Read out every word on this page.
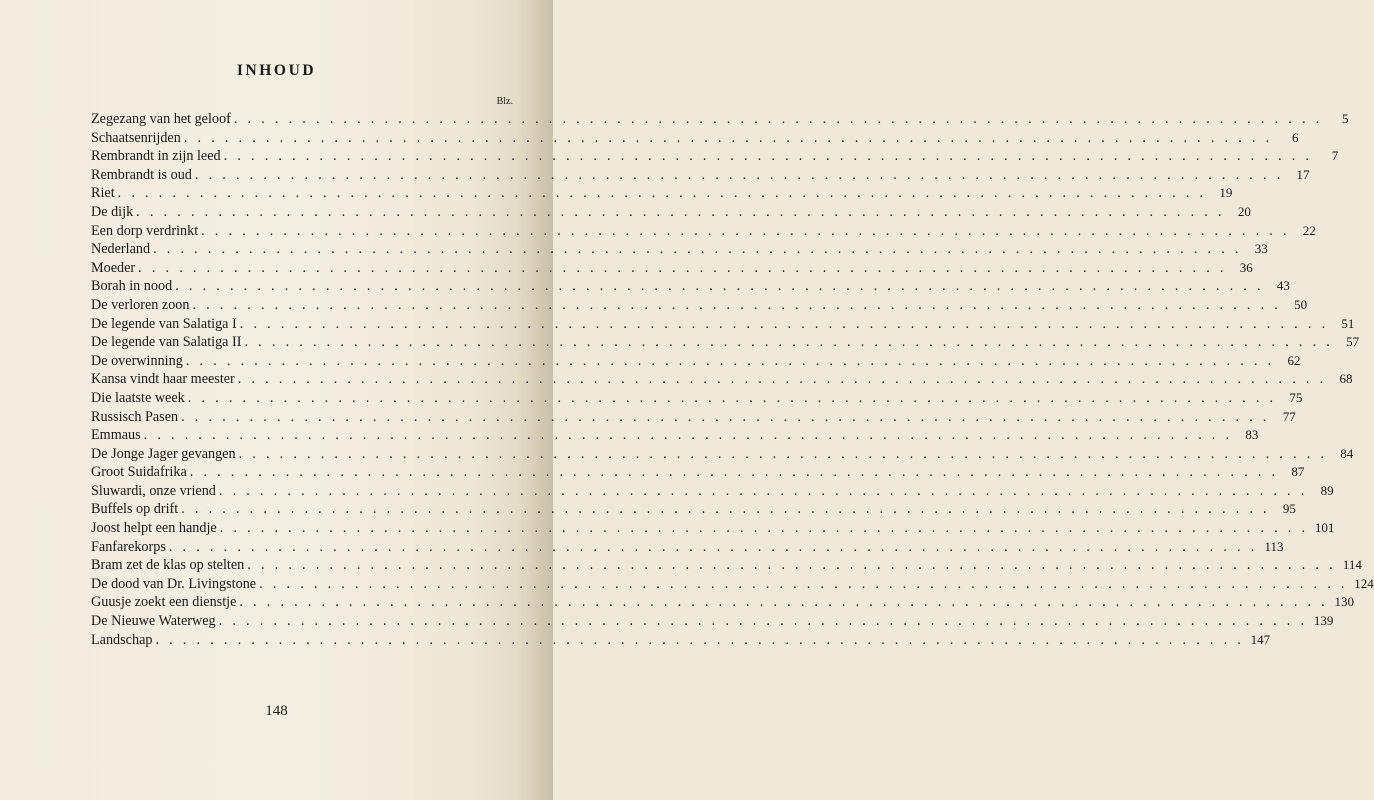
INHOUD
Blz.
Zegezang van het geloof . . . . . . . . . . . . . . . . . . . . . . . . . . . . . . . . . . . . . . . . . . . . . . . . . . . . . . . . . . . . . . . . . . . . . . . . . . . . . . . .	5
Schaatsenrijden . . . . . . . . . . . . . . . . . . . . . . . . . . . . . . . . . . . . . . . . . . . . . . . . . . . . . . . . . . . . . . . . . . . . . . . . . . . . . . . .	6
Rembrandt in zijn leed . . . . . . . . . . . . . . . . . . . . . . . . . . . . . . . . . . . . . . . . . . . . . . . . . . . . . . . . . . . . . . . . . . . . . . . . . . . . . . . .	7
Rembrandt is oud . . . . . . . . . . . . . . . . . . . . . . . . . . . . . . . . . . . . . . . . . . . . . . . . . . . . . . . . . . . . . . . . . . . . . . . . . . . . . . . .	17
Riet . . . . . . . . . . . . . . . . . . . . . . . . . . . . . . . . . . . . . . . . . . . . . . . . . . . . . . . . . . . . . . . . . . . . . . . . . . . . . . . .	19
De dijk . . . . . . . . . . . . . . . . . . . . . . . . . . . . . . . . . . . . . . . . . . . . . . . . . . . . . . . . . . . . . . . . . . . . . . . . . . . . . . . .	20
Een dorp verdrinkt . . . . . . . . . . . . . . . . . . . . . . . . . . . . . . . . . . . . . . . . . . . . . . . . . . . . . . . . . . . . . . . . . . . . . . . . . . . . . . . .	22
Nederland . . . . . . . . . . . . . . . . . . . . . . . . . . . . . . . . . . . . . . . . . . . . . . . . . . . . . . . . . . . . . . . . . . . . . . . . . . . . . . . .	33
Moeder . . . . . . . . . . . . . . . . . . . . . . . . . . . . . . . . . . . . . . . . . . . . . . . . . . . . . . . . . . . . . . . . . . . . . . . . . . . . . . . .	36
Borah in nood . . . . . . . . . . . . . . . . . . . . . . . . . . . . . . . . . . . . . . . . . . . . . . . . . . . . . . . . . . . . . . . . . . . . . . . . . . . . . . . .	43
De verloren zoon . . . . . . . . . . . . . . . . . . . . . . . . . . . . . . . . . . . . . . . . . . . . . . . . . . . . . . . . . . . . . . . . . . . . . . . . . . . . . . . .	50
De legende van Salatiga I . . . . . . . . . . . . . . . . . . . . . . . . . . . . . . . . . . . . . . . . . . . . . . . . . . . . . . . . . . . . . . . . . . . . . . . . . . . . . . . .	51
De legende van Salatiga II . . . . . . . . . . . . . . . . . . . . . . . . . . . . . . . . . . . . . . . . . . . . . . . . . . . . . . . . . . . . . . . . . . . . . . . . . . . . . . . .	57
De overwinning . . . . . . . . . . . . . . . . . . . . . . . . . . . . . . . . . . . . . . . . . . . . . . . . . . . . . . . . . . . . . . . . . . . . . . . . . . . . . . . .	62
Kansa vindt haar meester . . . . . . . . . . . . . . . . . . . . . . . . . . . . . . . . . . . . . . . . . . . . . . . . . . . . . . . . . . . . . . . . . . . . . . . . . . . . . . . .	68
Die laatste week . . . . . . . . . . . . . . . . . . . . . . . . . . . . . . . . . . . . . . . . . . . . . . . . . . . . . . . . . . . . . . . . . . . . . . . . . . . . . . . .	75
Russisch Pasen . . . . . . . . . . . . . . . . . . . . . . . . . . . . . . . . . . . . . . . . . . . . . . . . . . . . . . . . . . . . . . . . . . . . . . . . . . . . . . . .	77
Emmaus . . . . . . . . . . . . . . . . . . . . . . . . . . . . . . . . . . . . . . . . . . . . . . . . . . . . . . . . . . . . . . . . . . . . . . . . . . . . . . . .	83
De Jonge Jager gevangen . . . . . . . . . . . . . . . . . . . . . . . . . . . . . . . . . . . . . . . . . . . . . . . . . . . . . . . . . . . . . . . . . . . . . . . . . . . . . . . .	84
Groot Suidafrika . . . . . . . . . . . . . . . . . . . . . . . . . . . . . . . . . . . . . . . . . . . . . . . . . . . . . . . . . . . . . . . . . . . . . . . . . . . . . . . .	87
Sluwardi, onze vriend . . . . . . . . . . . . . . . . . . . . . . . . . . . . . . . . . . . . . . . . . . . . . . . . . . . . . . . . . . . . . . . . . . . . . . . . . . . . . . . .	89
Buffels op drift . . . . . . . . . . . . . . . . . . . . . . . . . . . . . . . . . . . . . . . . . . . . . . . . . . . . . . . . . . . . . . . . . . . . . . . . . . . . . . . .	95
Joost helpt een handje . . . . . . . . . . . . . . . . . . . . . . . . . . . . . . . . . . . . . . . . . . . . . . . . . . . . . . . . . . . . . . . . . . . . . . . . . . . . . . . . 101
Fanfarekorps . . . . . . . . . . . . . . . . . . . . . . . . . . . . . . . . . . . . . . . . . . . . . . . . . . . . . . . . . . . . . . . . . . . . . . . . . . . . . . . . 113
Bram zet de klas op stelten . . . . . . . . . . . . . . . . . . . . . . . . . . . . . . . . . . . . . . . . . . . . . . . . . . . . . . . . . . . . . . . . . . . . . . . . . . . . . . . . 114
De dood van Dr. Livingstone . . . . . . . . . . . . . . . . . . . . . . . . . . . . . . . . . . . . . . . . . . . . . . . . . . . . . . . . . . . . . . . . . . . . . . . . . . . . . . . . 124
Guusje zoekt een dienstje . . . . . . . . . . . . . . . . . . . . . . . . . . . . . . . . . . . . . . . . . . . . . . . . . . . . . . . . . . . . . . . . . . . . . . . . . . . . . . . . 130
De Nieuwe Waterweg . . . . . . . . . . . . . . . . . . . . . . . . . . . . . . . . . . . . . . . . . . . . . . . . . . . . . . . . . . . . . . . . . . . . . . . . . . . . . . . . 139
Landschap . . . . . . . . . . . . . . . . . . . . . . . . . . . . . . . . . . . . . . . . . . . . . . . . . . . . . . . . . . . . . . . . . . . . . . . . . . . . . . . . 147
148
